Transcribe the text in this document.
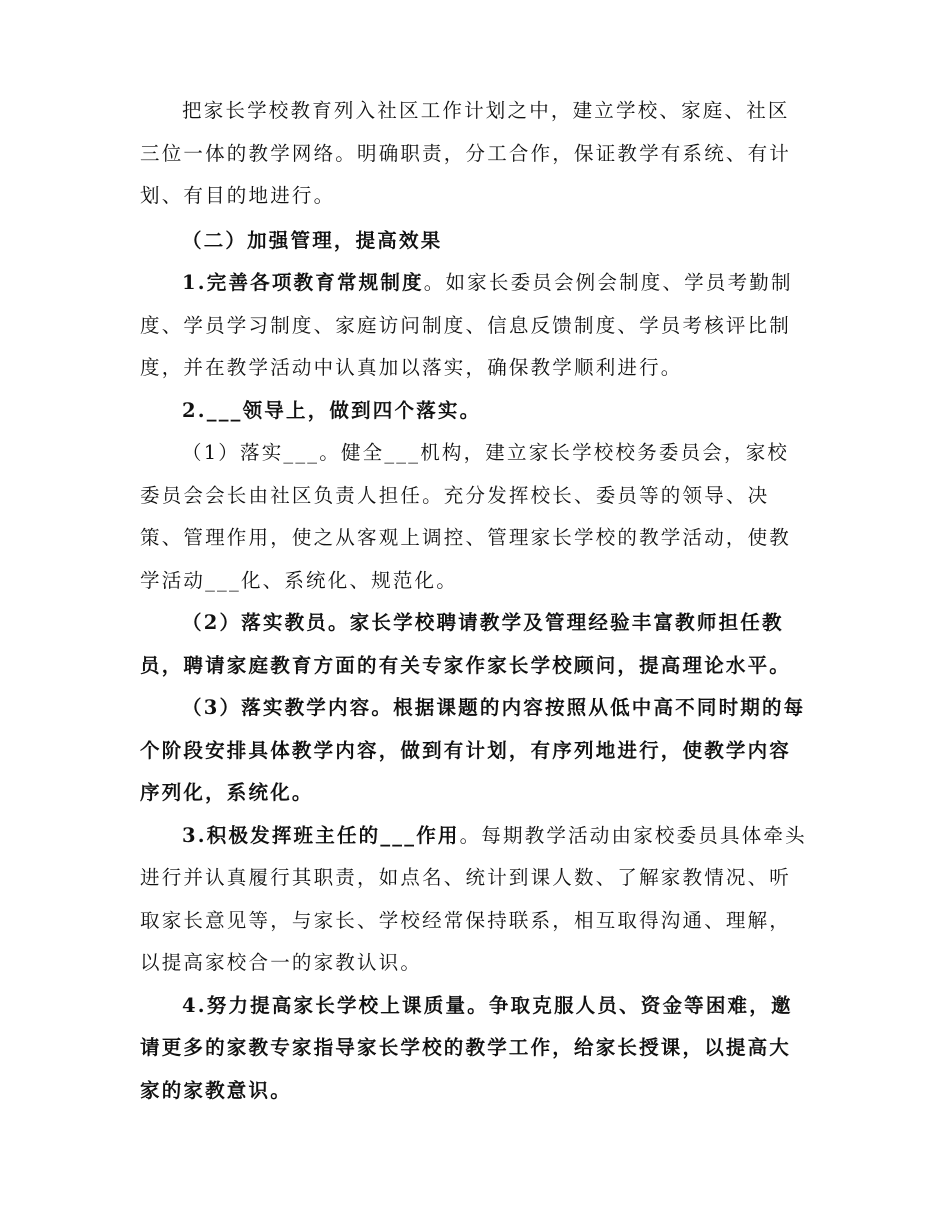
把家长学校教育列入社区工作计划之中，建立学校、家庭、社区三位一体的教学网络。明确职责，分工合作，保证教学有系统、有计划、有目的地进行。

（二）加强管理，提高效果

1.完善各项教育常规制度。如家长委员会例会制度、学员考勤制度、学员学习制度、家庭访问制度、信息反馈制度、学员考核评比制度，并在教学活动中认真加以落实，确保教学顺利进行。

2.___领导上，做到四个落实。

（1）落实___。健全___机构，建立家长学校校务委员会，家校委员会会长由社区负责人担任。充分发挥校长、委员等的领导、决策、管理作用，使之从客观上调控、管理家长学校的教学活动，使教学活动___化、系统化、规范化。

（2）落实教员。家长学校聘请教学及管理经验丰富教师担任教员，聘请家庭教育方面的有关专家作家长学校顾问，提高理论水平。

（3）落实教学内容。根据课题的内容按照从低中高不同时期的每个阶段安排具体教学内容，做到有计划，有序列地进行，使教学内容序列化，系统化。

3.积极发挥班主任的___作用。每期教学活动由家校委员具体牵头进行并认真履行其职责，如点名、统计到课人数、了解家教情况、听取家长意见等，与家长、学校经常保持联系，相互取得沟通、理解，以提高家校合一的家教认识。

4.努力提高家长学校上课质量。争取克服人员、资金等困难，邀请更多的家教专家指导家长学校的教学工作，给家长授课，以提高大家的家教意识。
